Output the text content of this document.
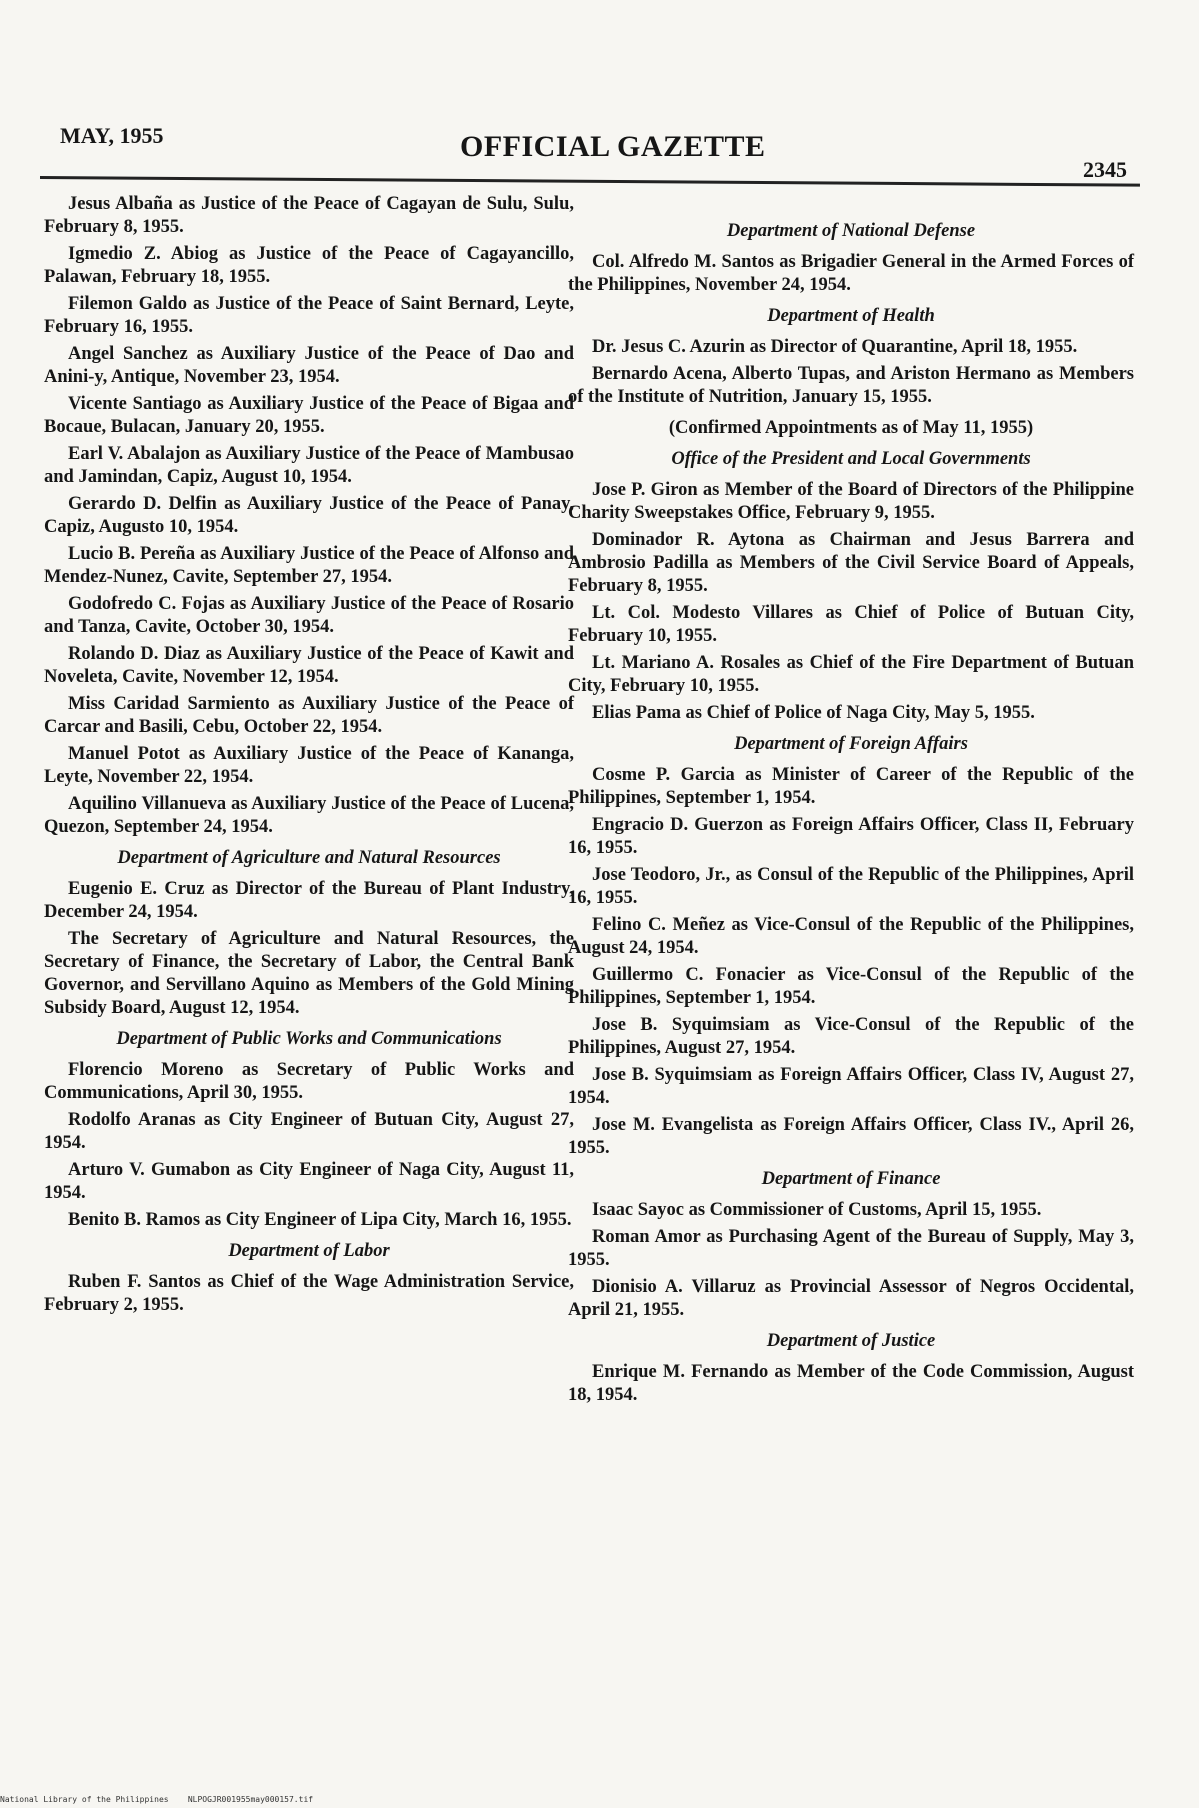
MAY, 1955	OFFICIAL GAZETTE
2345

Jesus Albaña as Justice of the Peace of Cagayan de Sulu, Sulu, February 8, 1955.

Igmedio Z. Abiog as Justice of the Peace of Cagayancillo, Palawan, February 18, 1955.

Filemon Galdo as Justice of the Peace of Saint Bernard, Leyte, February 16, 1955.

Angel Sanchez as Auxiliary Justice of the Peace of Dao and Anini-y, Antique, November 23, 1954.

Vicente Santiago as Auxiliary Justice of the Peace of Bigaa and Bocaue, Bulacan, January 20, 1955.

Earl V. Abalajon as Auxiliary Justice of the Peace of Mambusao and Jamindan, Capiz, August 10, 1954.

Gerardo D. Delfin as Auxiliary Justice of the Peace of Panay, Capiz, Augusto 10, 1954.

Lucio B. Pereña as Auxiliary Justice of the Peace of Alfonso and Mendez-Nunez, Cavite, September 27, 1954.

Godofredo C. Fojas as Auxiliary Justice of the Peace of Rosario and Tanza, Cavite, October 30, 1954.

Rolando D. Diaz as Auxiliary Justice of the Peace of Kawit and Noveleta, Cavite, November 12, 1954.

Miss Caridad Sarmiento as Auxiliary Justice of the Peace of Carcar and Basili, Cebu, October 22, 1954.

Manuel Potot as Auxiliary Justice of the Peace of Kananga, Leyte, November 22, 1954.

Aquilino Villanueva as Auxiliary Justice of the Peace of Lucena, Quezon, September 24, 1954.

Department of Agriculture and Natural Resources

Eugenio E. Cruz as Director of the Bureau of Plant Industry, December 24, 1954.

The Secretary of Agriculture and Natural Resources, the Secretary of Finance, the Secretary of Labor, the Central Bank Governor, and Servillano Aquino as Members of the Gold Mining Subsidy Board, August 12, 1954.

Department of Public Works and Communications

Florencio Moreno as Secretary of Public Works and Communications, April 30, 1955.

Rodolfo Aranas as City Engineer of Butuan City, August 27, 1954.

Arturo V. Gumabon as City Engineer of Naga City, August 11, 1954.

Benito B. Ramos as City Engineer of Lipa City, March 16, 1955.

Department of Labor

Ruben F. Santos as Chief of the Wage Administration Service, February 2, 1955.

Department of National Defense

Col. Alfredo M. Santos as Brigadier General in the Armed Forces of the Philippines, November 24, 1954.

Department of Health

Dr. Jesus C. Azurin as Director of Quarantine, April 18, 1955.

Bernardo Acena, Alberto Tupas, and Ariston Hermano as Members of the Institute of Nutrition, January 15, 1955.

(Confirmed Appointments as of May 11, 1955)
Office of the President and Local Governments

Jose P. Giron as Member of the Board of Directors of the Philippine Charity Sweepstakes Office, February 9, 1955.

Dominador R. Aytona as Chairman and Jesus Barrera and Ambrosio Padilla as Members of the Civil Service Board of Appeals, February 8, 1955.

Lt. Col. Modesto Villares as Chief of Police of Butuan City, February 10, 1955.

Lt. Mariano A. Rosales as Chief of the Fire Department of Butuan City, February 10, 1955.

Elias Pama as Chief of Police of Naga City, May 5, 1955.

Department of Foreign Affairs

Cosme P. Garcia as Minister of Career of the Republic of the Philippines, September 1, 1954.

Engracio D. Guerzon as Foreign Affairs Officer, Class II, February 16, 1955.

Jose Teodoro, Jr., as Consul of the Republic of the Philippines, April 16, 1955.

Felino C. Meñez as Vice-Consul of the Republic of the Philippines, August 24, 1954.

Guillermo C. Fonacier as Vice-Consul of the Republic of the Philippines, September 1, 1954.

Jose B. Syquimsiam as Vice-Consul of the Republic of the Philippines, August 27, 1954.

Jose B. Syquimsiam as Foreign Affairs Officer, Class IV, August 27, 1954.

Jose M. Evangelista as Foreign Affairs Officer, Class IV., April 26, 1955.

Department of Finance

Isaac Sayoc as Commissioner of Customs, April 15, 1955.

Roman Amor as Purchasing Agent of the Bureau of Supply, May 3, 1955.

Dionisio A. Villaruz as Provincial Assessor of Negros Occidental, April 21, 1955.

Department of Justice

Enrique M. Fernando as Member of the Code Commission, August 18, 1954.

National Library of the Philippines NLPOGJR001955may000157.tif
